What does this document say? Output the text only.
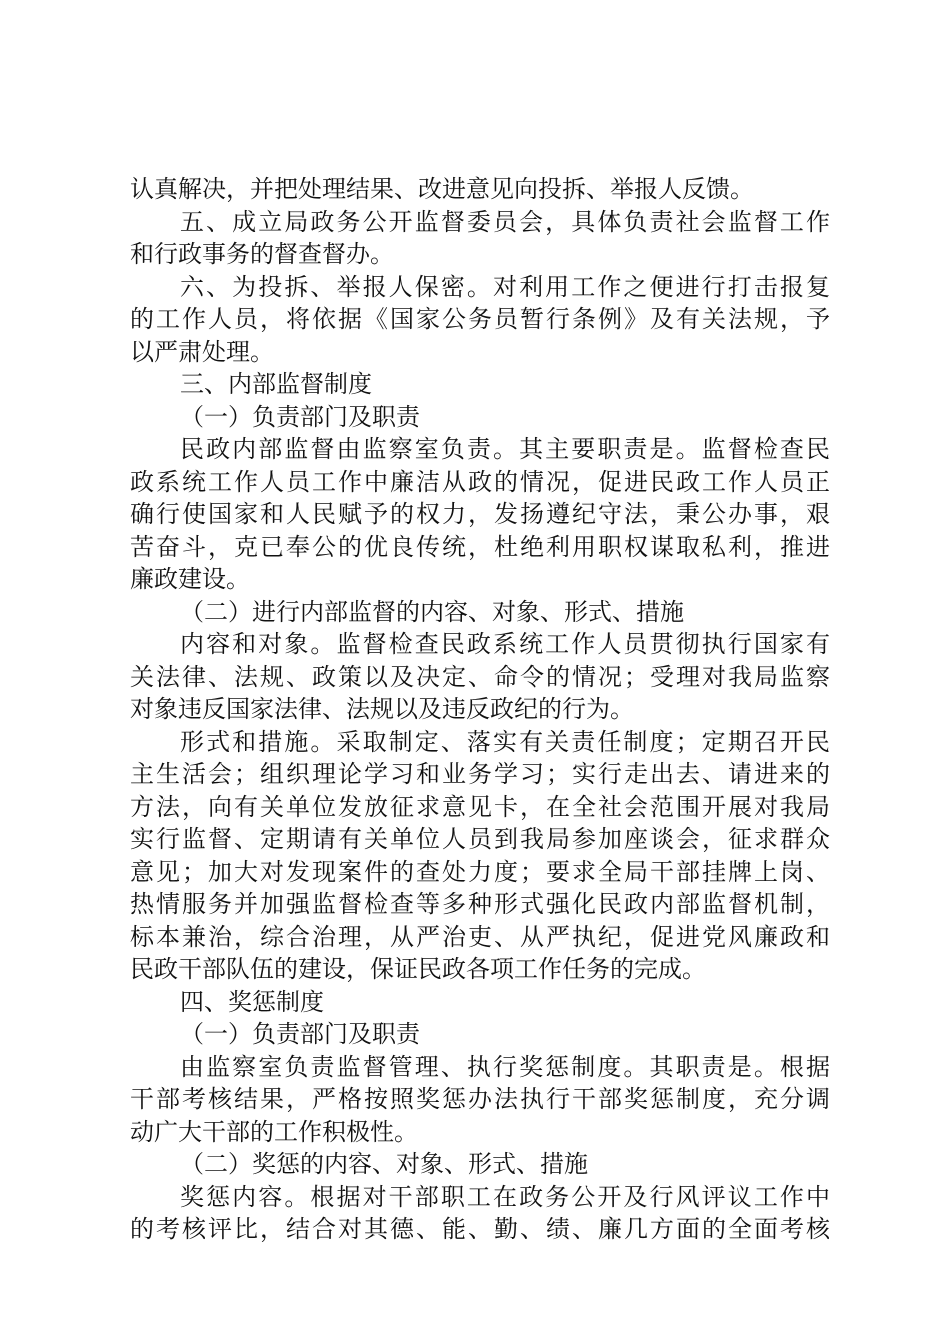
认真解决，并把处理结果、改进意见向投拆、举报人反馈。
五、成立局政务公开监督委员会，具体负责社会监督工作
和行政事务的督查督办。
六、为投拆、举报人保密。对利用工作之便进行打击报复
的工作人员，将依据《国家公务员暂行条例》及有关法规，予
以严肃处理。
三、内部监督制度
（一）负责部门及职责
民政内部监督由监察室负责。其主要职责是。监督检查民
政系统工作人员工作中廉洁从政的情况，促进民政工作人员正
确行使国家和人民赋予的权力，发扬遵纪守法，秉公办事，艰
苦奋斗，克已奉公的优良传统，杜绝利用职权谋取私利，推进
廉政建设。
（二）进行内部监督的内容、对象、形式、措施
内容和对象。监督检查民政系统工作人员贯彻执行国家有
关法律、法规、政策以及决定、命令的情况；受理对我局监察
对象违反国家法律、法规以及违反政纪的行为。
形式和措施。采取制定、落实有关责任制度；定期召开民
主生活会；组织理论学习和业务学习；实行走出去、请进来的
方法，向有关单位发放征求意见卡，在全社会范围开展对我局
实行监督、定期请有关单位人员到我局参加座谈会，征求群众
意见；加大对发现案件的查处力度；要求全局干部挂牌上岗、
热情服务并加强监督检查等多种形式强化民政内部监督机制，
标本兼治，综合治理，从严治吏、从严执纪，促进党风廉政和
民政干部队伍的建设，保证民政各项工作任务的完成。
四、奖惩制度
（一）负责部门及职责
由监察室负责监督管理、执行奖惩制度。其职责是。根据
干部考核结果，严格按照奖惩办法执行干部奖惩制度，充分调
动广大干部的工作积极性。
（二）奖惩的内容、对象、形式、措施
奖惩内容。根据对干部职工在政务公开及行风评议工作中
的考核评比，结合对其德、能、勤、绩、廉几方面的全面考核
